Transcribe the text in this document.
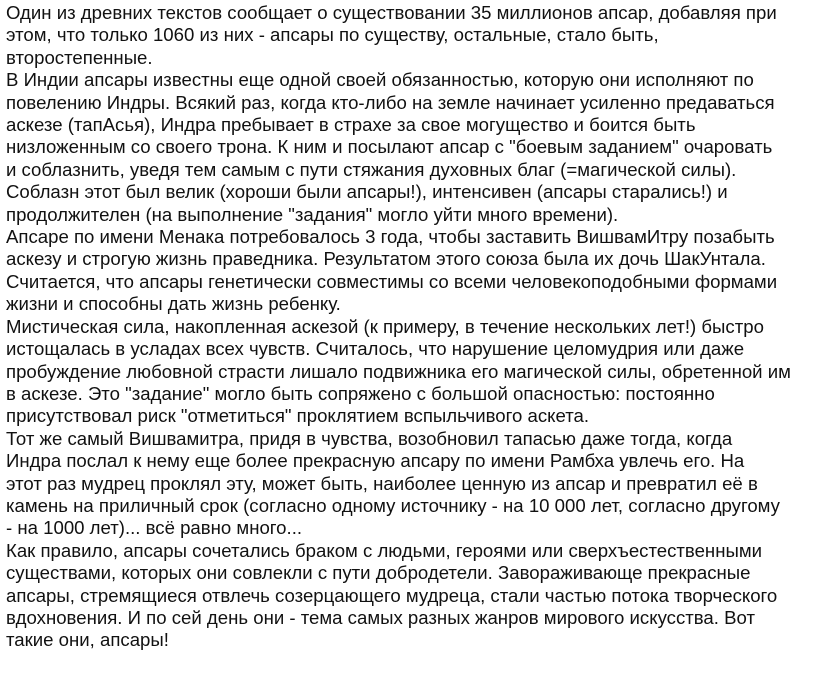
Один из древних текстов сообщает о существовании 35 миллионов апсар, добавляя при
этом, что только 1060 из них - апсары по существу, остальные, стало быть,
второстепенные.
В Индии апсары известны еще одной своей обязанностью, которую они исполняют по
повелению Индры. Всякий раз, когда кто-либо на земле начинает усиленно предаваться
аскезе (тапАсья), Индра пребывает в страхе за свое могущество и боится быть
низложенным со своего трона. К ним и посылают апсар с "боевым заданием" очаровать
и соблазнить, уведя тем самым с пути стяжания духовных благ (=магической силы).
Соблазн этот был велик (хороши были апсары!), интенсивен (апсары старались!) и
продолжителен (на выполнение "задания" могло уйти много времени).
Апсаре по имени Менака потребовалось 3 года, чтобы заставить ВишвамИтру позабыть
аскезу и строгую жизнь праведника. Результатом этого союза была их дочь ШакУнтала.
Считается, что апсары генетически совместимы со всеми человекоподобными формами
жизни и способны дать жизнь ребенку.
Мистическая сила, накопленная аскезой (к примеру, в течение нескольких лет!) быстро
истощалась в усладах всех чувств. Считалось, что нарушение целомудрия или даже
пробуждение любовной страсти лишало подвижника его магической силы, обретенной им
в аскезе. Это "задание" могло быть сопряжено с большой опасностью: постоянно
присутствовал риск "отметиться" проклятием вспыльчивого аскета.
Тот же самый Вишвамитра, придя в чувства, возобновил тапасью даже тогда, когда
Индра послал к нему еще более прекрасную апсару по имени Рамбха увлечь его. На
этот раз мудрец проклял эту, может быть, наиболее ценную из апсар и превратил её в
камень на приличный срок (согласно одному источнику - на 10 000 лет, согласно другому
- на 1000 лет)... всё равно много...
Как правило, апсары сочетались браком с людьми, героями или сверхъестественными
существами, которых они совлекли с пути добродетели. Завораживающе прекрасные
апсары, стремящиеся отвлечь созерцающего мудреца, стали частью потока творческого
вдохновения. И по сей день они - тема самых разных жанров мирового искусства. Вот
такие они, апсары!
